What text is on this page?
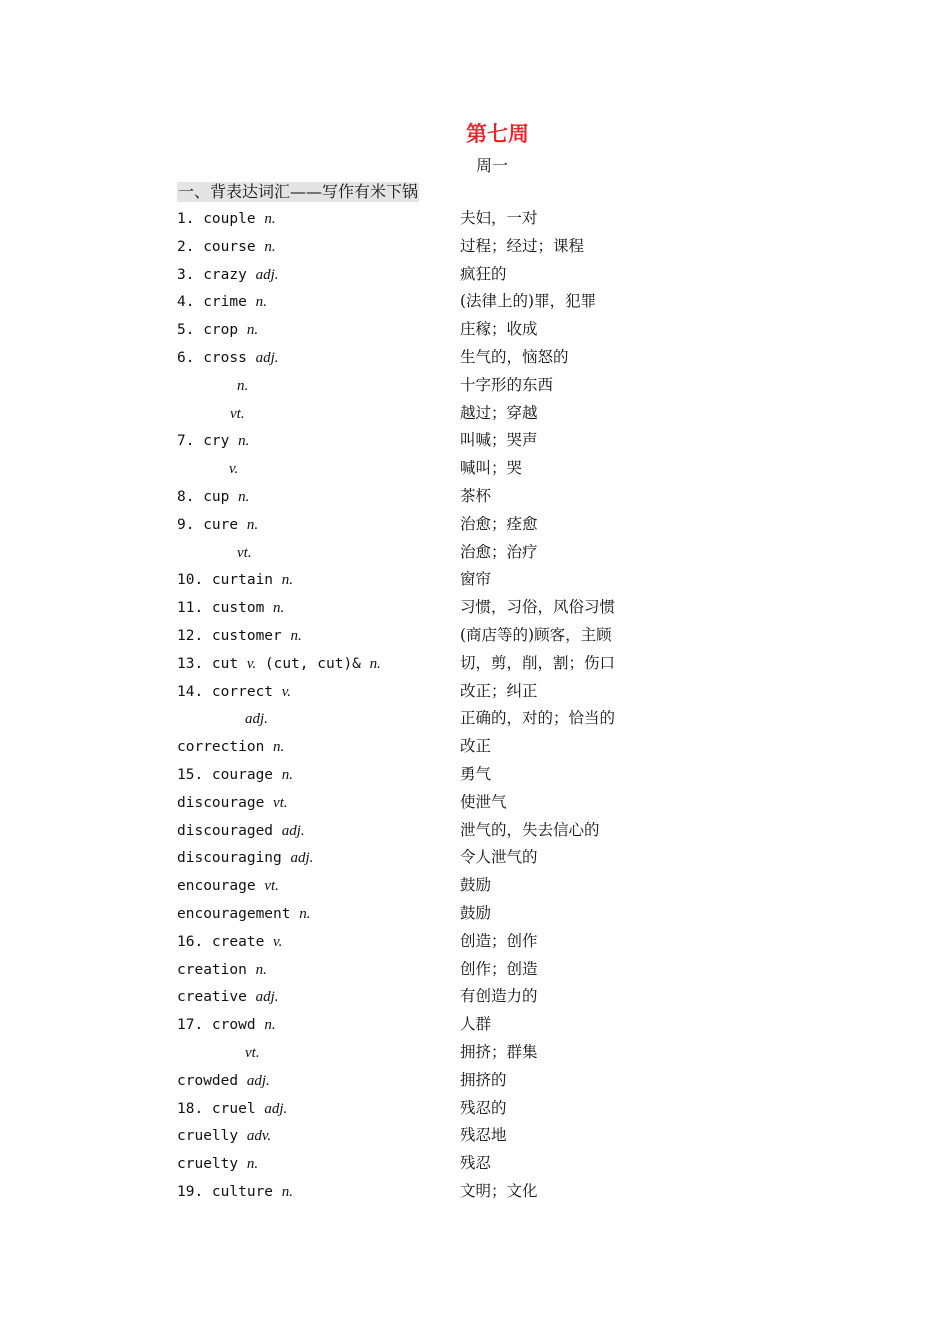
第七周
周一
一、背表达词汇——写作有米下锅
1. couple n.	夫妇，一对
2. course n.	过程；经过；课程
3. crazy adj.	疯狂的
4. crime n.	(法律上的)罪，犯罪
5. crop n.	庄稼；收成
6. cross adj.	生气的，恼怒的
n.	十字形的东西
vt.	越过；穿越
7. cry n.	叫喊；哭声
v.	喊叫；哭
8. cup n.	茶杯
9. cure n.	治愈；痊愈
vt.	治愈；治疗
10. curtain n.	窗帘
11. custom n.	习惯，习俗，风俗习惯
12. customer n.	(商店等的)顾客，主顾
13. cut v. (cut, cut)& n.	切，剪，削，割；伤口
14. correct v.	改正；纠正
adj.	正确的，对的；恰当的
correction n.	改正
15. courage n.	勇气
discourage vt.	使泄气
discouraged adj.	泄气的，失去信心的
discouraging adj.	令人泄气的
encourage vt.	鼓励
encouragement n.	鼓励
16. create v.	创造；创作
creation n.	创作；创造
creative adj.	有创造力的
17. crowd n.	人群
vt.	拥挤；群集
crowded adj.	拥挤的
18. cruel adj.	残忍的
cruelly adv.	残忍地
cruelty n.	残忍
19. culture n.	文明；文化
